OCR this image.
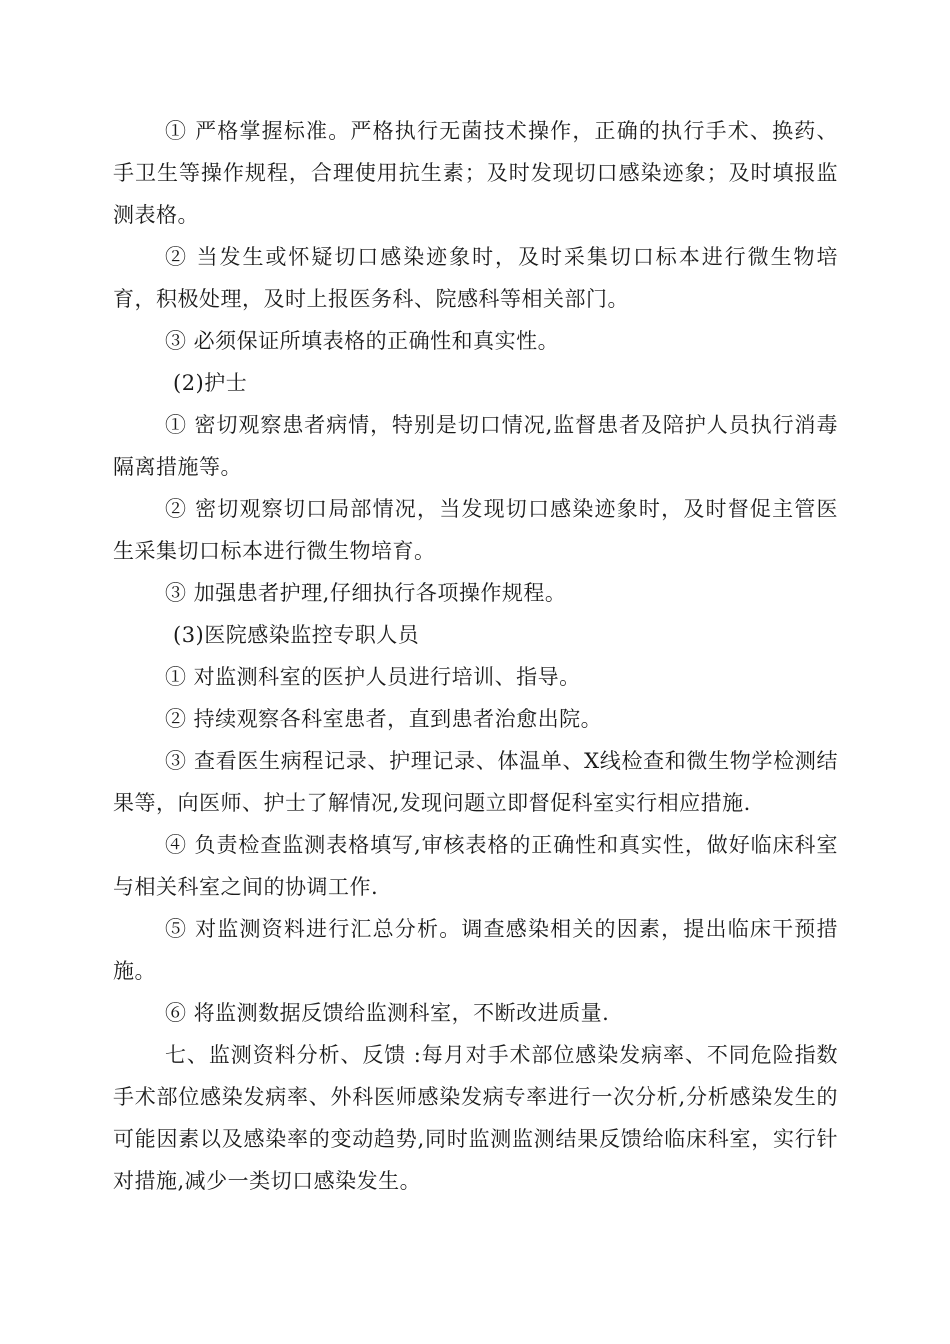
① 严格掌握标准。严格执行无菌技术操作，正确的执行手术、换药、手卫生等操作规程，合理使用抗生素；及时发现切口感染迹象；及时填报监测表格。

② 当发生或怀疑切口感染迹象时，及时采集切口标本进行微生物培育，积极处理，及时上报医务科、院感科等相关部门。

③ 必须保证所填表格的正确性和真实性。

(2)护士

① 密切观察患者病情，特别是切口情况,监督患者及陪护人员执行消毒隔离措施等。

② 密切观察切口局部情况，当发现切口感染迹象时，及时督促主管医生采集切口标本进行微生物培育。

③ 加强患者护理,仔细执行各项操作规程。

(3)医院感染监控专职人员

① 对监测科室的医护人员进行培训、指导。

② 持续观察各科室患者，直到患者治愈出院。

③ 查看医生病程记录、护理记录、体温单、X线检查和微生物学检测结果等，向医师、护士了解情况,发现问题立即督促科室实行相应措施.

④ 负责检查监测表格填写,审核表格的正确性和真实性，做好临床科室与相关科室之间的协调工作.

⑤ 对监测资料进行汇总分析。调查感染相关的因素，提出临床干预措施。

⑥ 将监测数据反馈给监测科室，不断改进质量.

七、监测资料分析、反馈 :每月对手术部位感染发病率、不同危险指数手术部位感染发病率、外科医师感染发病专率进行一次分析,分析感染发生的可能因素以及感染率的变动趋势,同时监测监测结果反馈给临床科室，实行针对措施,减少一类切口感染发生。
